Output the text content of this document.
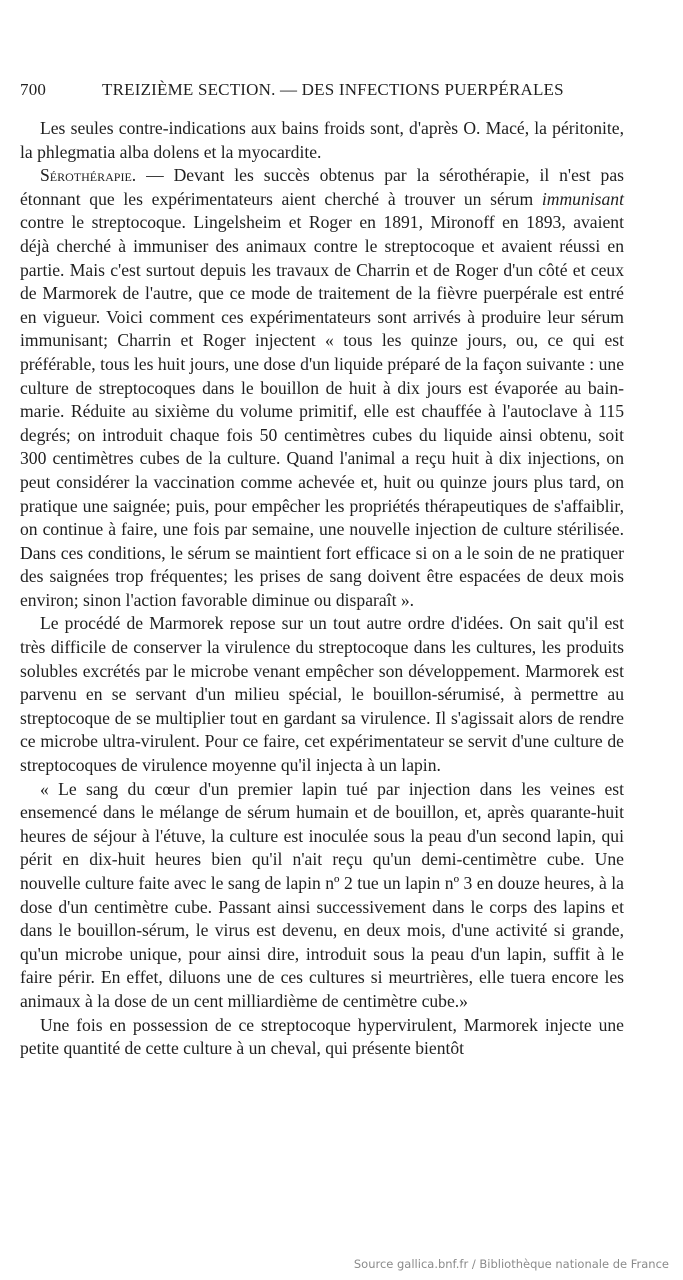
700	TREIZIÈME SECTION. — DES INFECTIONS PUERPÉRALES

Les seules contre-indications aux bains froids sont, d'après O. Macé, la péritonite, la phlegmatia alba dolens et la myocardite.

Sérothérapie. — Devant les succès obtenus par la sérothérapie, il n'est pas étonnant que les expérimentateurs aient cherché à trouver un sérum immunisant contre le streptocoque. Lingelsheim et Roger en 1891, Mironoff en 1893, avaient déjà cherché à immuniser des animaux contre le streptocoque et avaient réussi en partie. Mais c'est surtout depuis les travaux de Charrin et de Roger d'un côté et ceux de Marmorek de l'autre, que ce mode de traitement de la fièvre puerpérale est entré en vigueur. Voici comment ces expérimentateurs sont arrivés à produire leur sérum immunisant; Charrin et Roger injectent « tous les quinze jours, ou, ce qui est préférable, tous les huit jours, une dose d'un liquide préparé de la façon suivante : une culture de streptocoques dans le bouillon de huit à dix jours est évaporée au bain-marie. Réduite au sixième du volume primitif, elle est chauffée à l'autoclave à 115 degrés; on introduit chaque fois 50 centimètres cubes du liquide ainsi obtenu, soit 300 centimètres cubes de la culture. Quand l'animal a reçu huit à dix injections, on peut considérer la vaccination comme achevée et, huit ou quinze jours plus tard, on pratique une saignée; puis, pour empêcher les propriétés thérapeutiques de s'affaiblir, on continue à faire, une fois par semaine, une nouvelle injection de culture stérilisée. Dans ces conditions, le sérum se maintient fort efficace si on a le soin de ne pratiquer des saignées trop fréquentes; les prises de sang doivent être espacées de deux mois environ; sinon l'action favorable diminue ou disparaît ».

Le procédé de Marmorek repose sur un tout autre ordre d'idées. On sait qu'il est très difficile de conserver la virulence du streptocoque dans les cultures, les produits solubles excrétés par le microbe venant empêcher son développement. Marmorek est parvenu en se servant d'un milieu spécial, le bouillon-sérumisé, à permettre au streptocoque de se multiplier tout en gardant sa virulence. Il s'agissait alors de rendre ce microbe ultra-virulent. Pour ce faire, cet expérimentateur se servit d'une culture de streptocoques de virulence moyenne qu'il injecta à un lapin.

« Le sang du cœur d'un premier lapin tué par injection dans les veines est ensemencé dans le mélange de sérum humain et de bouillon, et, après quarante-huit heures de séjour à l'étuve, la culture est inoculée sous la peau d'un second lapin, qui périt en dix-huit heures bien qu'il n'ait reçu qu'un demi-centimètre cube. Une nouvelle culture faite avec le sang de lapin nº 2 tue un lapin nº 3 en douze heures, à la dose d'un centimètre cube. Passant ainsi successivement dans le corps des lapins et dans le bouillon-sérum, le virus est devenu, en deux mois, d'une activité si grande, qu'un microbe unique, pour ainsi dire, introduit sous la peau d'un lapin, suffit à le faire périr. En effet, diluons une de ces cultures si meurtrières, elle tuera encore les animaux à la dose de un cent milliardième de centimètre cube.»

Une fois en possession de ce streptocoque hypervirulent, Marmorek injecte une petite quantité de cette culture à un cheval, qui présente bientôt

Source gallica.bnf.fr / Bibliothèque nationale de France
